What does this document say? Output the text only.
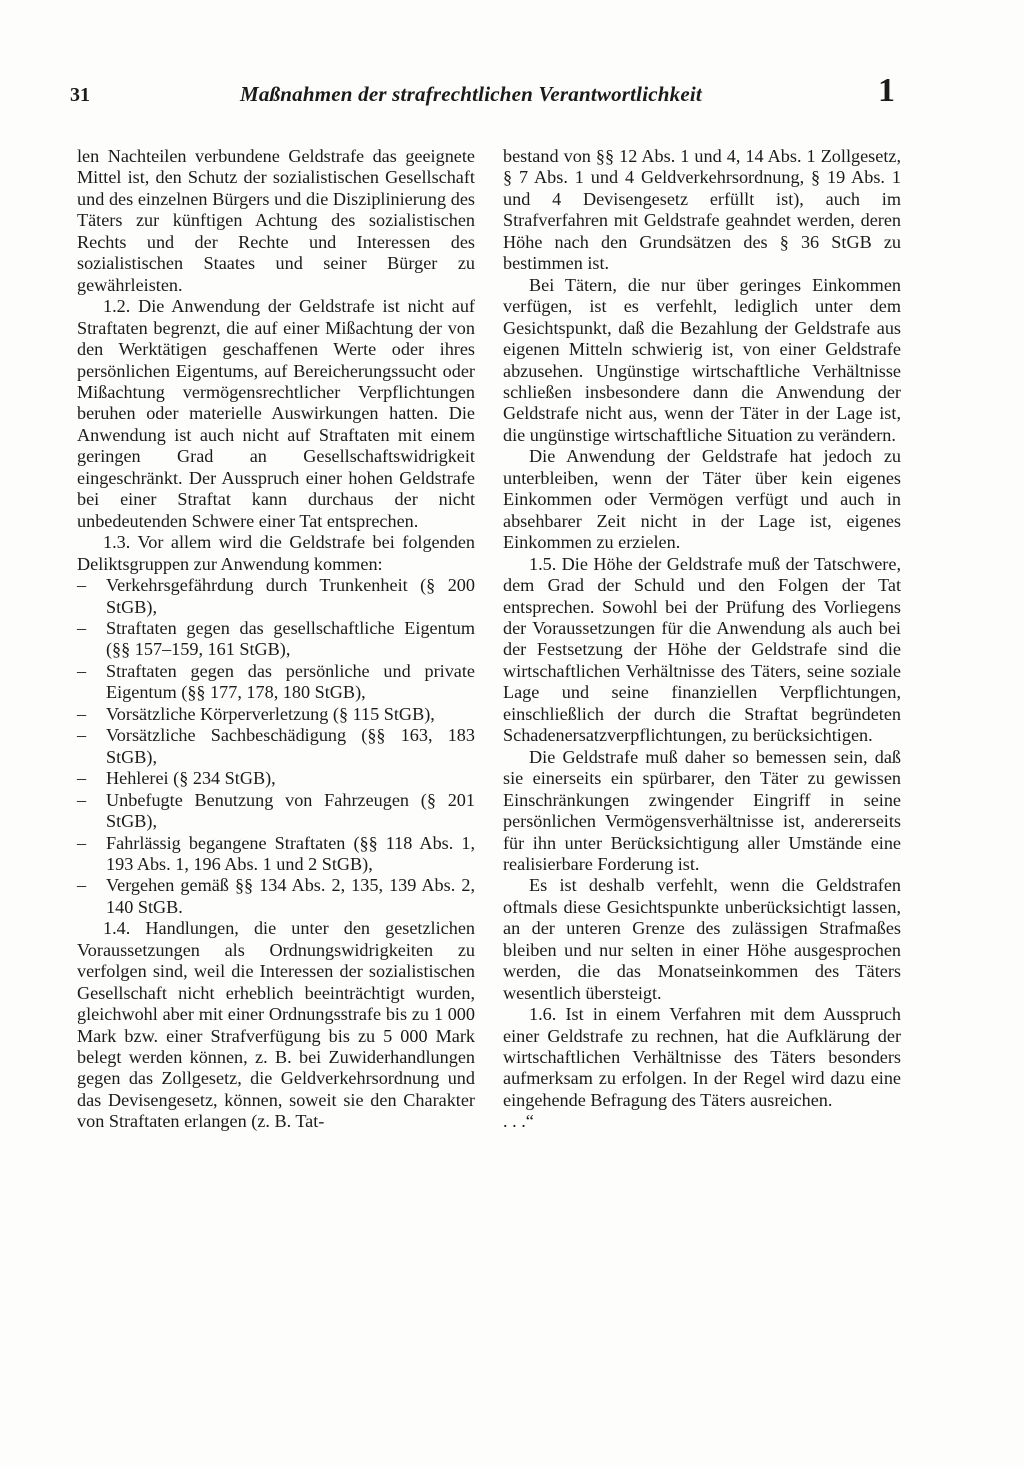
31	Maßnahmen der strafrechtlichen Verantwortlichkeit	1

len Nachteilen verbundene Geldstrafe das geeignete Mittel ist, den Schutz der sozialistischen Gesellschaft und des einzelnen Bürgers und die Disziplinierung des Täters zur künftigen Achtung des sozialistischen Rechts und der Rechte und Interessen des sozialistischen Staates und seiner Bürger zu gewährleisten.

1.2. Die Anwendung der Geldstrafe ist nicht auf Straftaten begrenzt, die auf einer Mißachtung der von den Werktätigen geschaffenen Werte oder ihres persönlichen Eigentums, auf Bereicherungssucht oder Mißachtung vermögensrechtlicher Verpflichtungen beruhen oder materielle Auswirkungen hatten. Die Anwendung ist auch nicht auf Straftaten mit einem geringen Grad an Gesellschaftswidrigkeit eingeschränkt. Der Ausspruch einer hohen Geldstrafe bei einer Straftat kann durchaus der nicht unbedeutenden Schwere einer Tat entsprechen.

1.3. Vor allem wird die Geldstrafe bei folgenden Deliktsgruppen zur Anwendung kommen:

– Verkehrsgefährdung durch Trunkenheit (§ 200 StGB),
– Straftaten gegen das gesellschaftliche Eigentum (§§ 157–159, 161 StGB),
– Straftaten gegen das persönliche und private Eigentum (§§ 177, 178, 180 StGB),
– Vorsätzliche Körperverletzung (§ 115 StGB),
– Vorsätzliche Sachbeschädigung (§§ 163, 183 StGB),
– Hehlerei (§ 234 StGB),
– Unbefugte Benutzung von Fahrzeugen (§ 201 StGB),
– Fahrlässig begangene Straftaten (§§ 118 Abs. 1, 193 Abs. 1, 196 Abs. 1 und 2 StGB),
– Vergehen gemäß §§ 134 Abs. 2, 135, 139 Abs. 2, 140 StGB.

1.4. Handlungen, die unter den gesetzlichen Voraussetzungen als Ordnungswidrigkeiten zu verfolgen sind, weil die Interessen der sozialistischen Gesellschaft nicht erheblich beeinträchtigt wurden, gleichwohl aber mit einer Ordnungsstrafe bis zu 1 000 Mark bzw. einer Strafverfügung bis zu 5 000 Mark belegt werden können, z. B. bei Zuwiderhandlungen gegen das Zollgesetz, die Geldverkehrsordnung und das Devisengesetz, können, soweit sie den Charakter von Straftaten erlangen (z. B. Tat-

bestand von §§ 12 Abs. 1 und 4, 14 Abs. 1 Zollgesetz, § 7 Abs. 1 und 4 Geldverkehrsordnung, § 19 Abs. 1 und 4 Devisengesetz erfüllt ist), auch im Strafverfahren mit Geldstrafe geahndet werden, deren Höhe nach den Grundsätzen des § 36 StGB zu bestimmen ist.

Bei Tätern, die nur über geringes Einkommen verfügen, ist es verfehlt, lediglich unter dem Gesichtspunkt, daß die Bezahlung der Geldstrafe aus eigenen Mitteln schwierig ist, von einer Geldstrafe abzusehen. Ungünstige wirtschaftliche Verhältnisse schließen insbesondere dann die Anwendung der Geldstrafe nicht aus, wenn der Täter in der Lage ist, die ungünstige wirtschaftliche Situation zu verändern.

Die Anwendung der Geldstrafe hat jedoch zu unterbleiben, wenn der Täter über kein eigenes Einkommen oder Vermögen verfügt und auch in absehbarer Zeit nicht in der Lage ist, eigenes Einkommen zu erzielen.

1.5. Die Höhe der Geldstrafe muß der Tatschwere, dem Grad der Schuld und den Folgen der Tat entsprechen. Sowohl bei der Prüfung des Vorliegens der Voraussetzungen für die Anwendung als auch bei der Festsetzung der Höhe der Geldstrafe sind die wirtschaftlichen Verhältnisse des Täters, seine soziale Lage und seine finanziellen Verpflichtungen, einschließlich der durch die Straftat begründeten Schadenersatzverpflichtungen, zu berücksichtigen.

Die Geldstrafe muß daher so bemessen sein, daß sie einerseits ein spürbarer, den Täter zu gewissen Einschränkungen zwingender Eingriff in seine persönlichen Vermögensverhältnisse ist, andererseits für ihn unter Berücksichtigung aller Umstände eine realisierbare Forderung ist.

Es ist deshalb verfehlt, wenn die Geldstrafen oftmals diese Gesichtspunkte unberücksichtigt lassen, an der unteren Grenze des zulässigen Strafmaßes bleiben und nur selten in einer Höhe ausgesprochen werden, die das Monatseinkommen des Täters wesentlich übersteigt.

1.6. Ist in einem Verfahren mit dem Ausspruch einer Geldstrafe zu rechnen, hat die Aufklärung der wirtschaftlichen Verhältnisse des Täters besonders aufmerksam zu erfolgen. In der Regel wird dazu eine eingehende Befragung des Täters ausreichen.

. . .“
